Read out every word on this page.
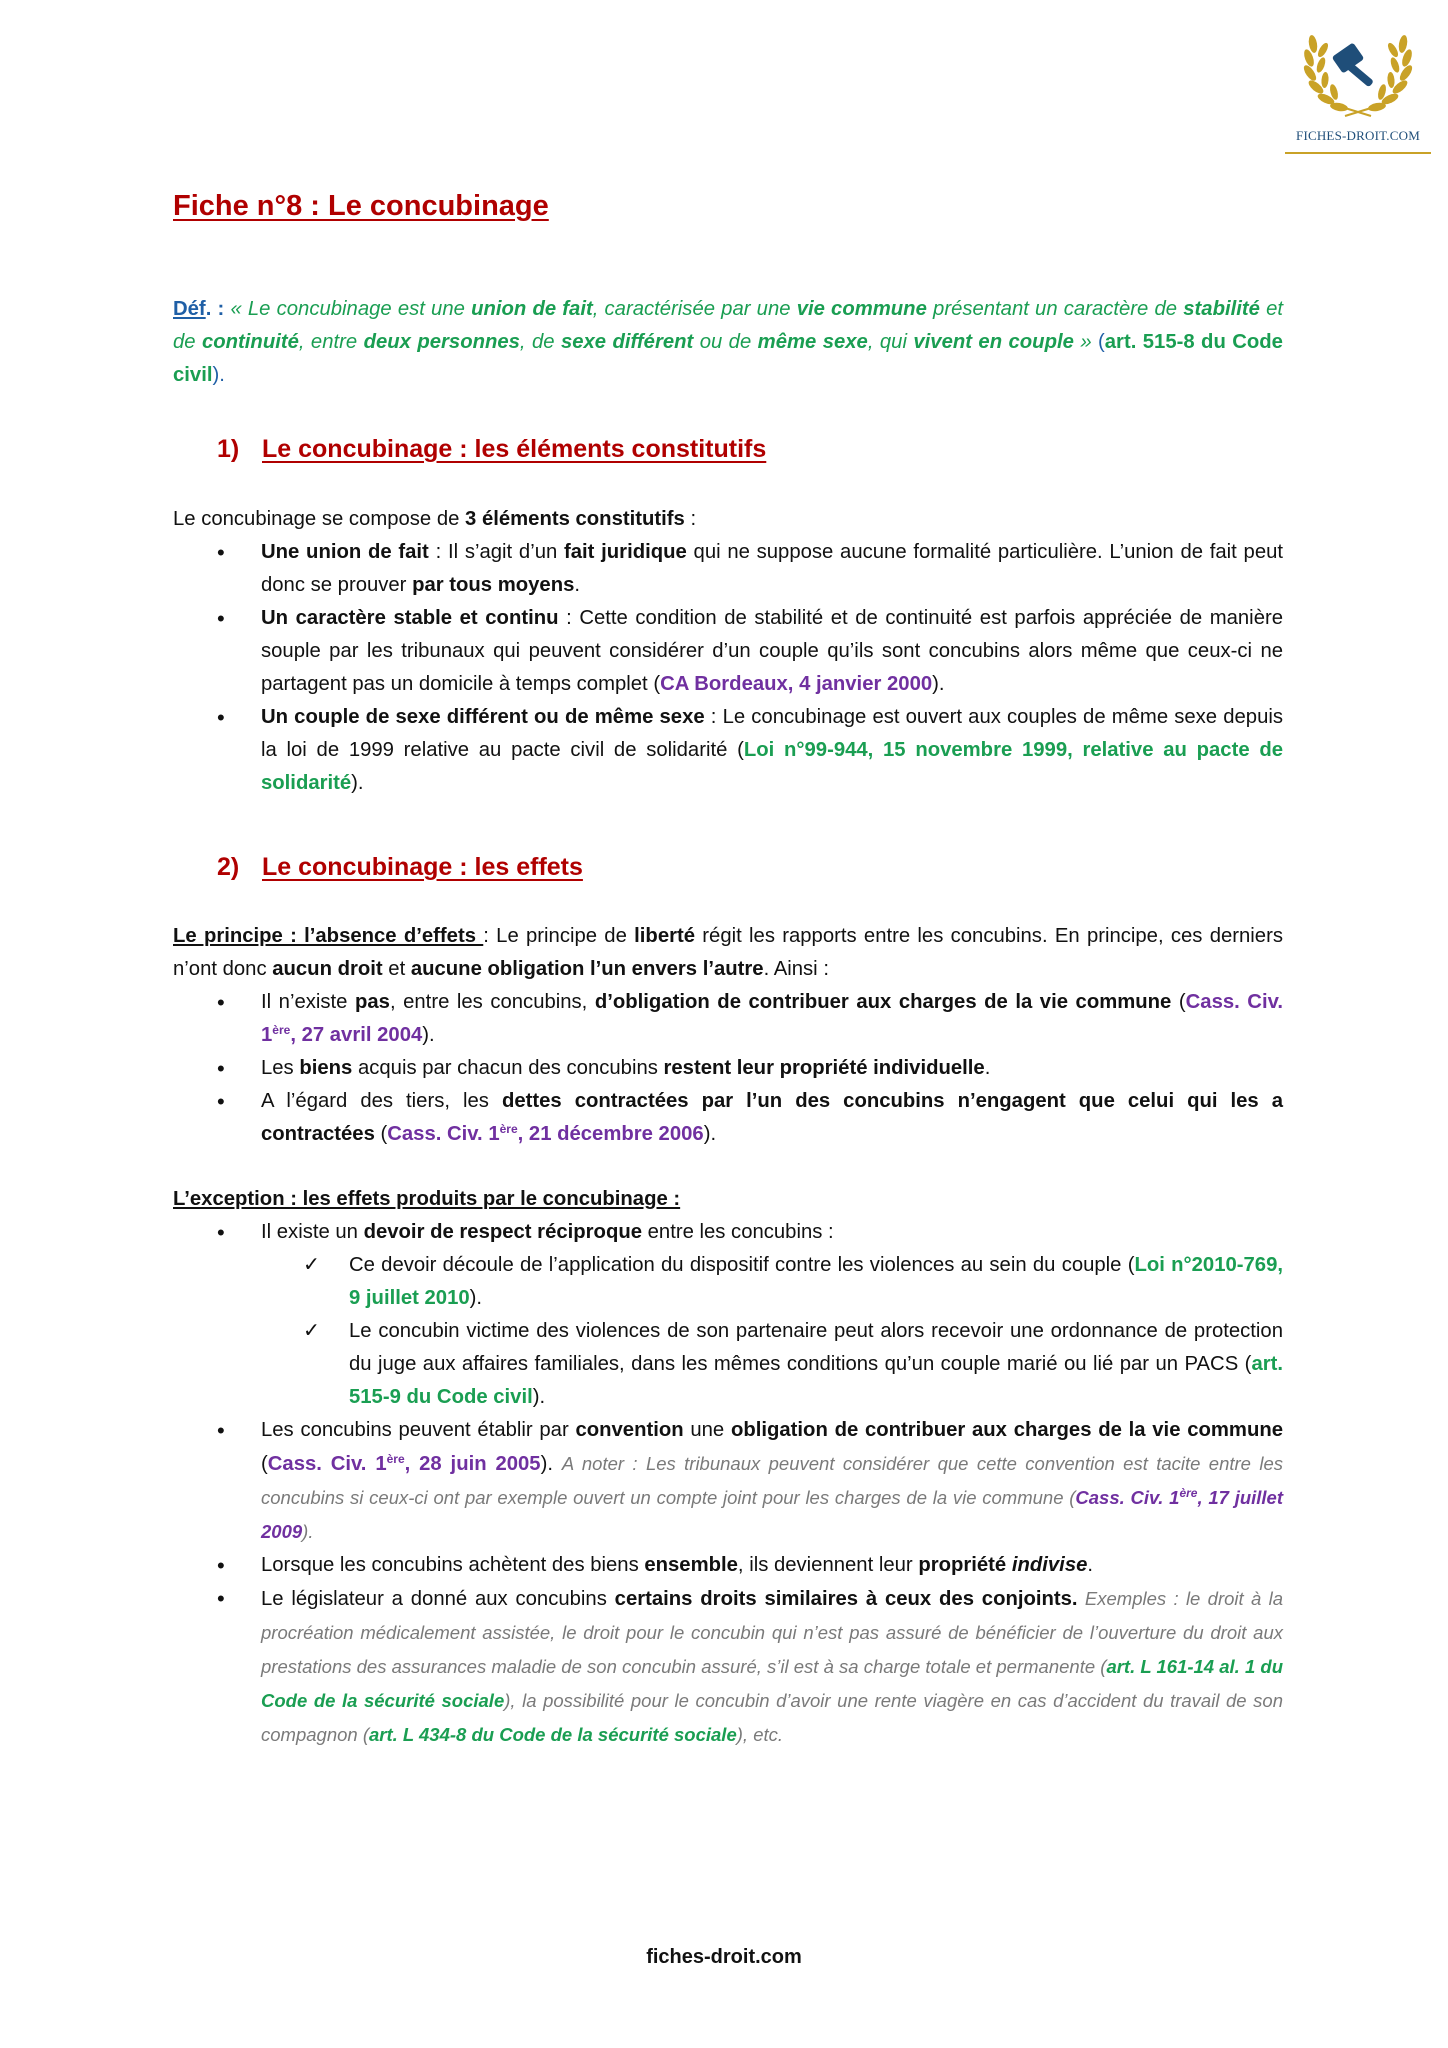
FICHES-DROIT.COM
Fiche n°8 : Le concubinage
Déf. : « Le concubinage est une union de fait, caractérisée par une vie commune présentant un caractère de stabilité et de continuité, entre deux personnes, de sexe différent ou de même sexe, qui vivent en couple » (art. 515-8 du Code civil).
1) Le concubinage : les éléments constitutifs
Le concubinage se compose de 3 éléments constitutifs :
• Une union de fait : Il s’agit d’un fait juridique qui ne suppose aucune formalité particulière. L’union de fait peut donc se prouver par tous moyens.
• Un caractère stable et continu : Cette condition de stabilité et de continuité est parfois appréciée de manière souple par les tribunaux qui peuvent considérer d’un couple qu’ils sont concubins alors même que ceux-ci ne partagent pas un domicile à temps complet (CA Bordeaux, 4 janvier 2000).
• Un couple de sexe différent ou de même sexe : Le concubinage est ouvert aux couples de même sexe depuis la loi de 1999 relative au pacte civil de solidarité (Loi n°99-944, 15 novembre 1999, relative au pacte de solidarité).
2) Le concubinage : les effets
Le principe : l’absence d’effets : Le principe de liberté régit les rapports entre les concubins. En principe, ces derniers n’ont donc aucun droit et aucune obligation l’un envers l’autre. Ainsi :
• Il n’existe pas, entre les concubins, d’obligation de contribuer aux charges de la vie commune (Cass. Civ. 1ère, 27 avril 2004).
• Les biens acquis par chacun des concubins restent leur propriété individuelle.
• A l’égard des tiers, les dettes contractées par l’un des concubins n’engagent que celui qui les a contractées (Cass. Civ. 1ère, 21 décembre 2006).
L’exception : les effets produits par le concubinage :
• Il existe un devoir de respect réciproque entre les concubins :
✓ Ce devoir découle de l’application du dispositif contre les violences au sein du couple (Loi n°2010-769, 9 juillet 2010).
✓ Le concubin victime des violences de son partenaire peut alors recevoir une ordonnance de protection du juge aux affaires familiales, dans les mêmes conditions qu’un couple marié ou lié par un PACS (art. 515-9 du Code civil).
• Les concubins peuvent établir par convention une obligation de contribuer aux charges de la vie commune (Cass. Civ. 1ère, 28 juin 2005). A noter : Les tribunaux peuvent considérer que cette convention est tacite entre les concubins si ceux-ci ont par exemple ouvert un compte joint pour les charges de la vie commune (Cass. Civ. 1ère, 17 juillet 2009).
• Lorsque les concubins achètent des biens ensemble, ils deviennent leur propriété indivise.
• Le législateur a donné aux concubins certains droits similaires à ceux des conjoints. Exemples : le droit à la procréation médicalement assistée, le droit pour le concubin qui n’est pas assuré de bénéficier de l’ouverture du droit aux prestations des assurances maladie de son concubin assuré, s’il est à sa charge totale et permanente (art. L 161-14 al. 1 du Code de la sécurité sociale), la possibilité pour le concubin d’avoir une rente viagère en cas d’accident du travail de son compagnon (art. L 434-8 du Code de la sécurité sociale), etc.
fiches-droit.com
